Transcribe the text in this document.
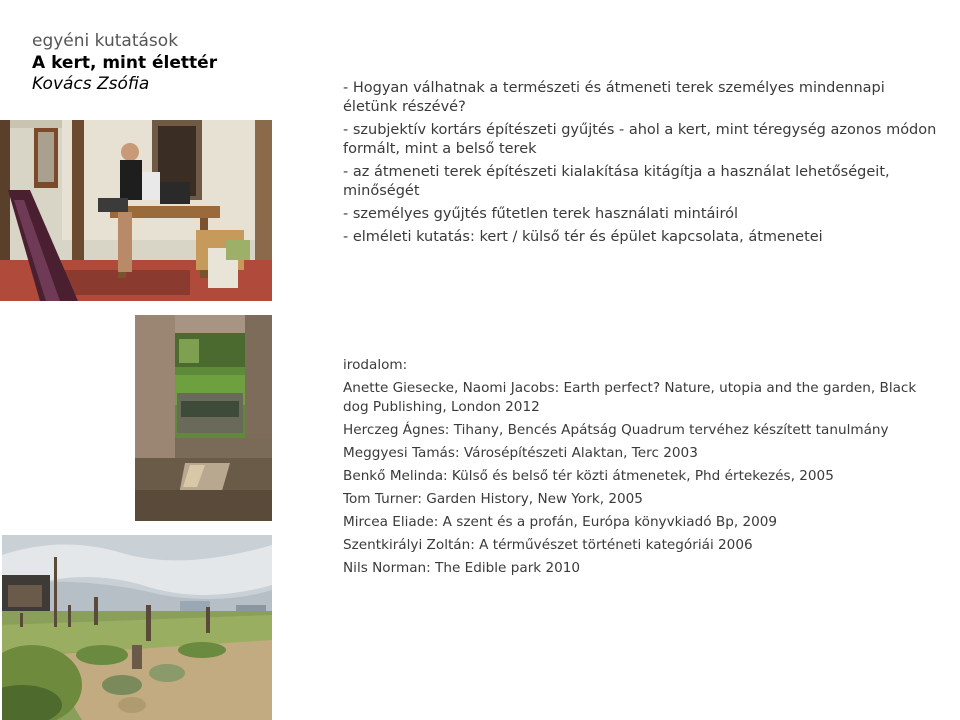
egyéni kutatások
A kert, mint élettér
Kovács Zsófia	- Hogyan válhatnak a természeti és átmeneti terek személyes mindennapi életünk részévé?
- szubjektív kortárs építészeti gyűjtés - ahol a kert, mint téregység azonos módon formált, mint a belső terek
- az átmeneti terek építészeti kialakítása kitágítja a használat lehetőségeit, minőségét
- személyes gyűjtés fűtetlen terek használati mintáiról
- elméleti kutatás: kert / külső tér és épület kapcsolata, átmenetei
irodalom:
Anette Giesecke, Naomi Jacobs: Earth perfect? Nature, utopia and the garden, Black dog Publishing, London 2012
Herczeg Ágnes: Tihany, Bencés Apátság Quadrum tervéhez készített tanulmány
Meggyesi Tamás: Városépítészeti Alaktan, Terc 2003
Benkő Melinda: Külső és belső tér közti átmenetek, Phd értekezés, 2005
Tom Turner: Garden History, New York, 2005
Mircea Eliade: A szent és a profán, Európa könyvkiadó Bp, 2009
Szentkirályi Zoltán: A térművészet történeti kategóriái 2006
Nils Norman: The Edible park 2010
